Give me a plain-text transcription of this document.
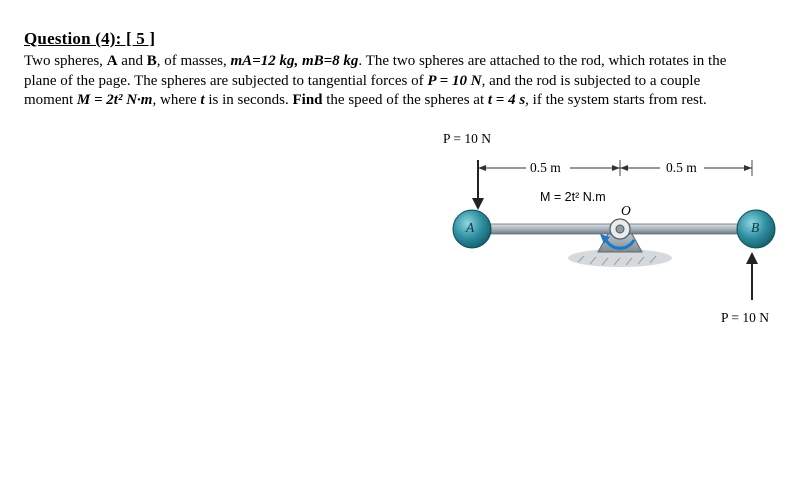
Question (4): [ 5 ]

Two spheres, A and B, of masses, mA=12 kg, mB=8 kg. The two spheres are attached to the rod, which rotates in the

plane of the page. The spheres are subjected to tangential forces of P = 10 N, and the rod is subjected to a couple

moment M = 2t² N·m, where t is in seconds. Find the speed of the spheres at t = 4 s, if the system starts from rest.

P = 10 N
0.5 m	0.5 m
M = 2t² N.m
O
A	B
P = 10 N
